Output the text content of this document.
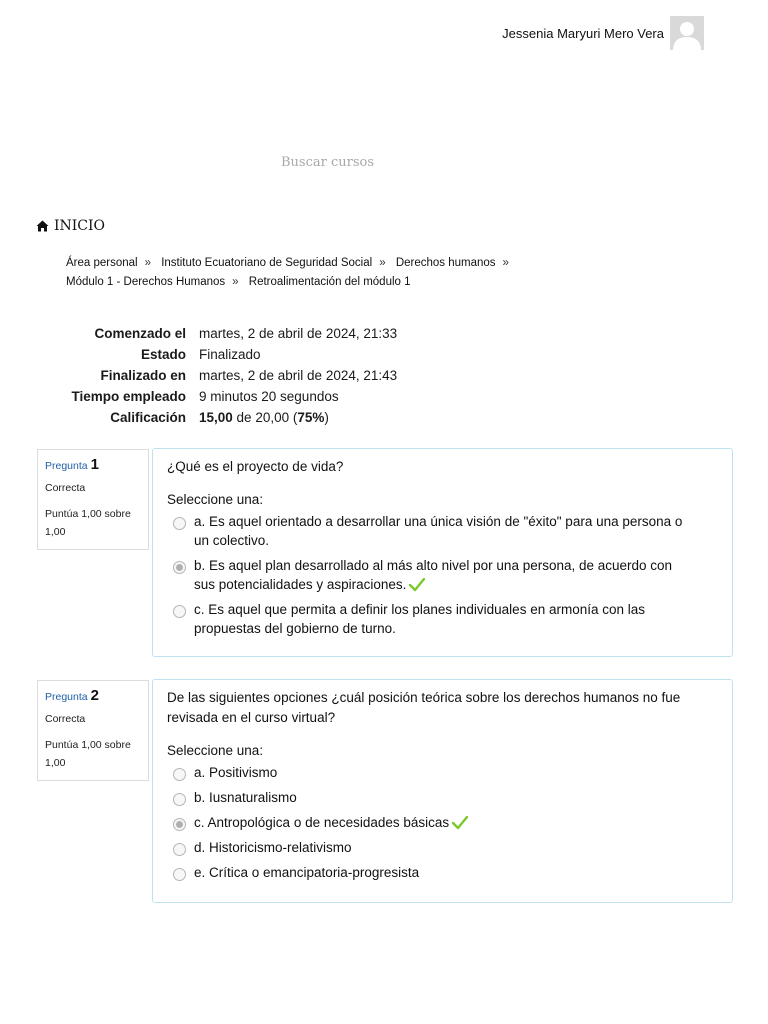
Jessenia Maryuri Mero Vera
Buscar cursos
INICIO
Área personal » Instituto Ecuatoriano de Seguridad Social » Derechos humanos »
Módulo 1 - Derechos Humanos » Retroalimentación del módulo 1
Comenzado el	martes, 2 de abril de 2024, 21:33
Estado	Finalizado
Finalizado en	martes, 2 de abril de 2024, 21:43
Tiempo empleado	9 minutos 20 segundos
Calificación	15,00 de 20,00 (75%)
Pregunta 1
Correcta
Puntúa 1,00 sobre 1,00
¿Qué es el proyecto de vida?
Seleccione una:
a. Es aquel orientado a desarrollar una única visión de "éxito" para una persona o un colectivo.
b. Es aquel plan desarrollado al más alto nivel por una persona, de acuerdo con sus potencialidades y aspiraciones.
c. Es aquel que permita a definir los planes individuales en armonía con las propuestas del gobierno de turno.
Pregunta 2
Correcta
Puntúa 1,00 sobre 1,00
De las siguientes opciones ¿cuál posición teórica sobre los derechos humanos no fue revisada en el curso virtual?
Seleccione una:
a. Positivismo
b. Iusnaturalismo
c. Antropológica o de necesidades básicas
d. Historicismo-relativismo
e. Crítica o emancipatoria-progresista
